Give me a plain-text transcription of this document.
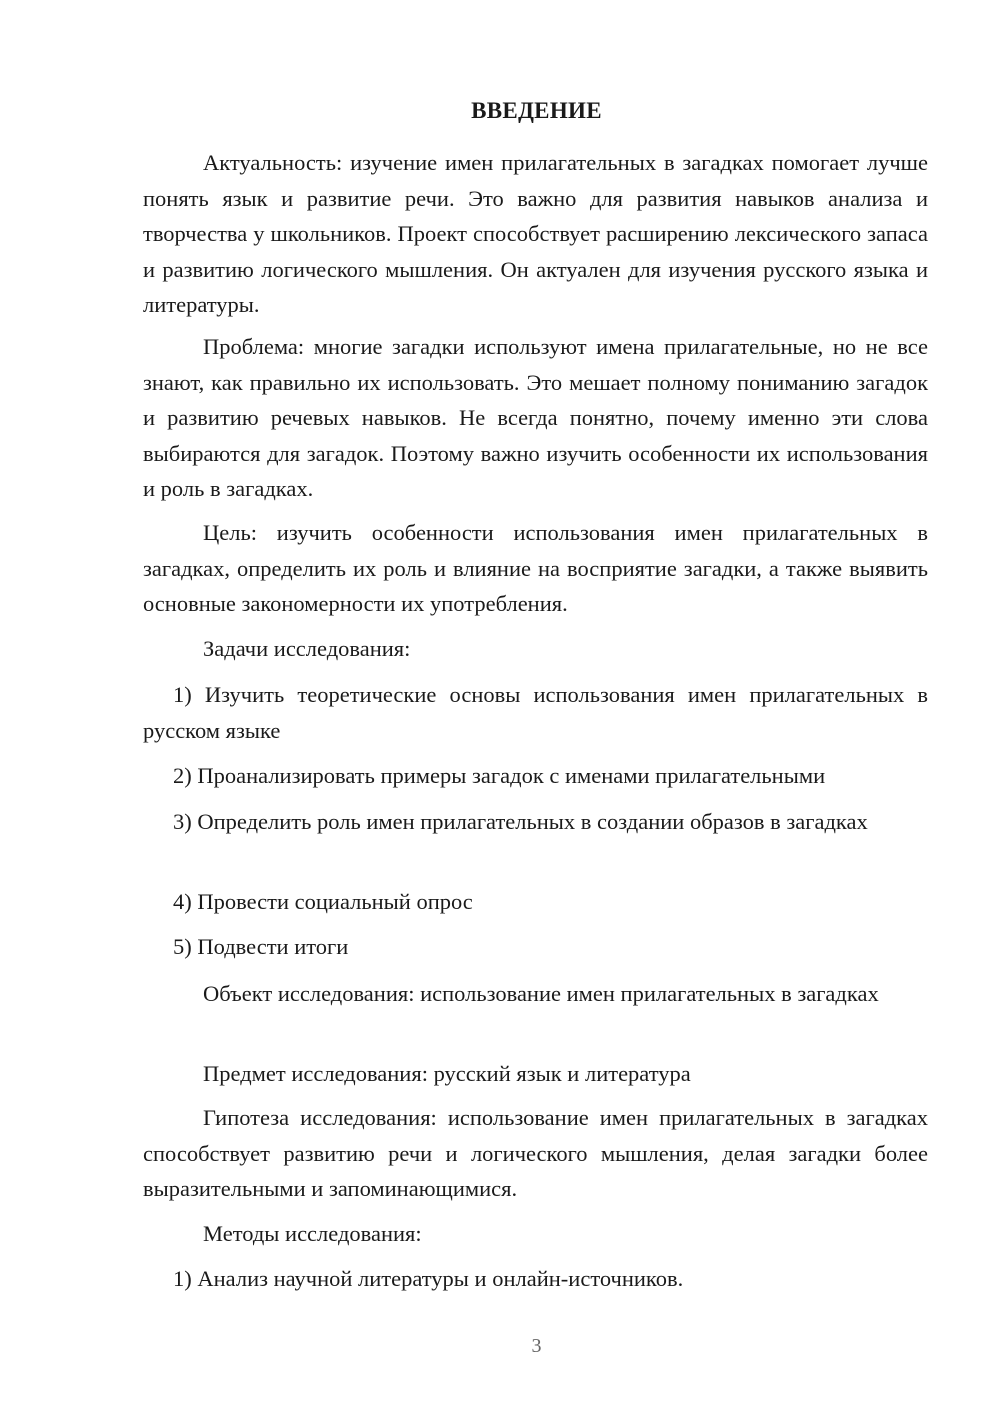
ВВЕДЕНИЕ

Актуальность: изучение имен прилагательных в загадках помогает лучше понять язык и развитие речи. Это важно для развития навыков анализа и творчества у школьников. Проект способствует расширению лексического запаса и развитию логического мышления. Он актуален для изучения русского языка и литературы.

Проблема: многие загадки используют имена прилагательные, но не все знают, как правильно их использовать. Это мешает полному пониманию загадок и развитию речевых навыков. Не всегда понятно, почему именно эти слова выбираются для загадок. Поэтому важно изучить особенности их использования и роль в загадках.

Цель: изучить особенности использования имен прилагательных в загадках, определить их роль и влияние на восприятие загадки, а также выявить основные закономерности их употребления.

Задачи исследования:

1) Изучить теоретические основы использования имен прилагательных в русском языке

2) Проанализировать примеры загадок с именами прилагательными

3) Определить роль имен прилагательных в создании образов в загадках

4) Провести социальный опрос

5) Подвести итоги

Объект исследования: использование имен прилагательных в загадках

Предмет исследования: русский язык и литература

Гипотеза исследования: использование имен прилагательных в загадках способствует развитию речи и логического мышления, делая загадки более выразительными и запоминающимися.

Методы исследования:

1) Анализ научной литературы и онлайн-источников.

3
